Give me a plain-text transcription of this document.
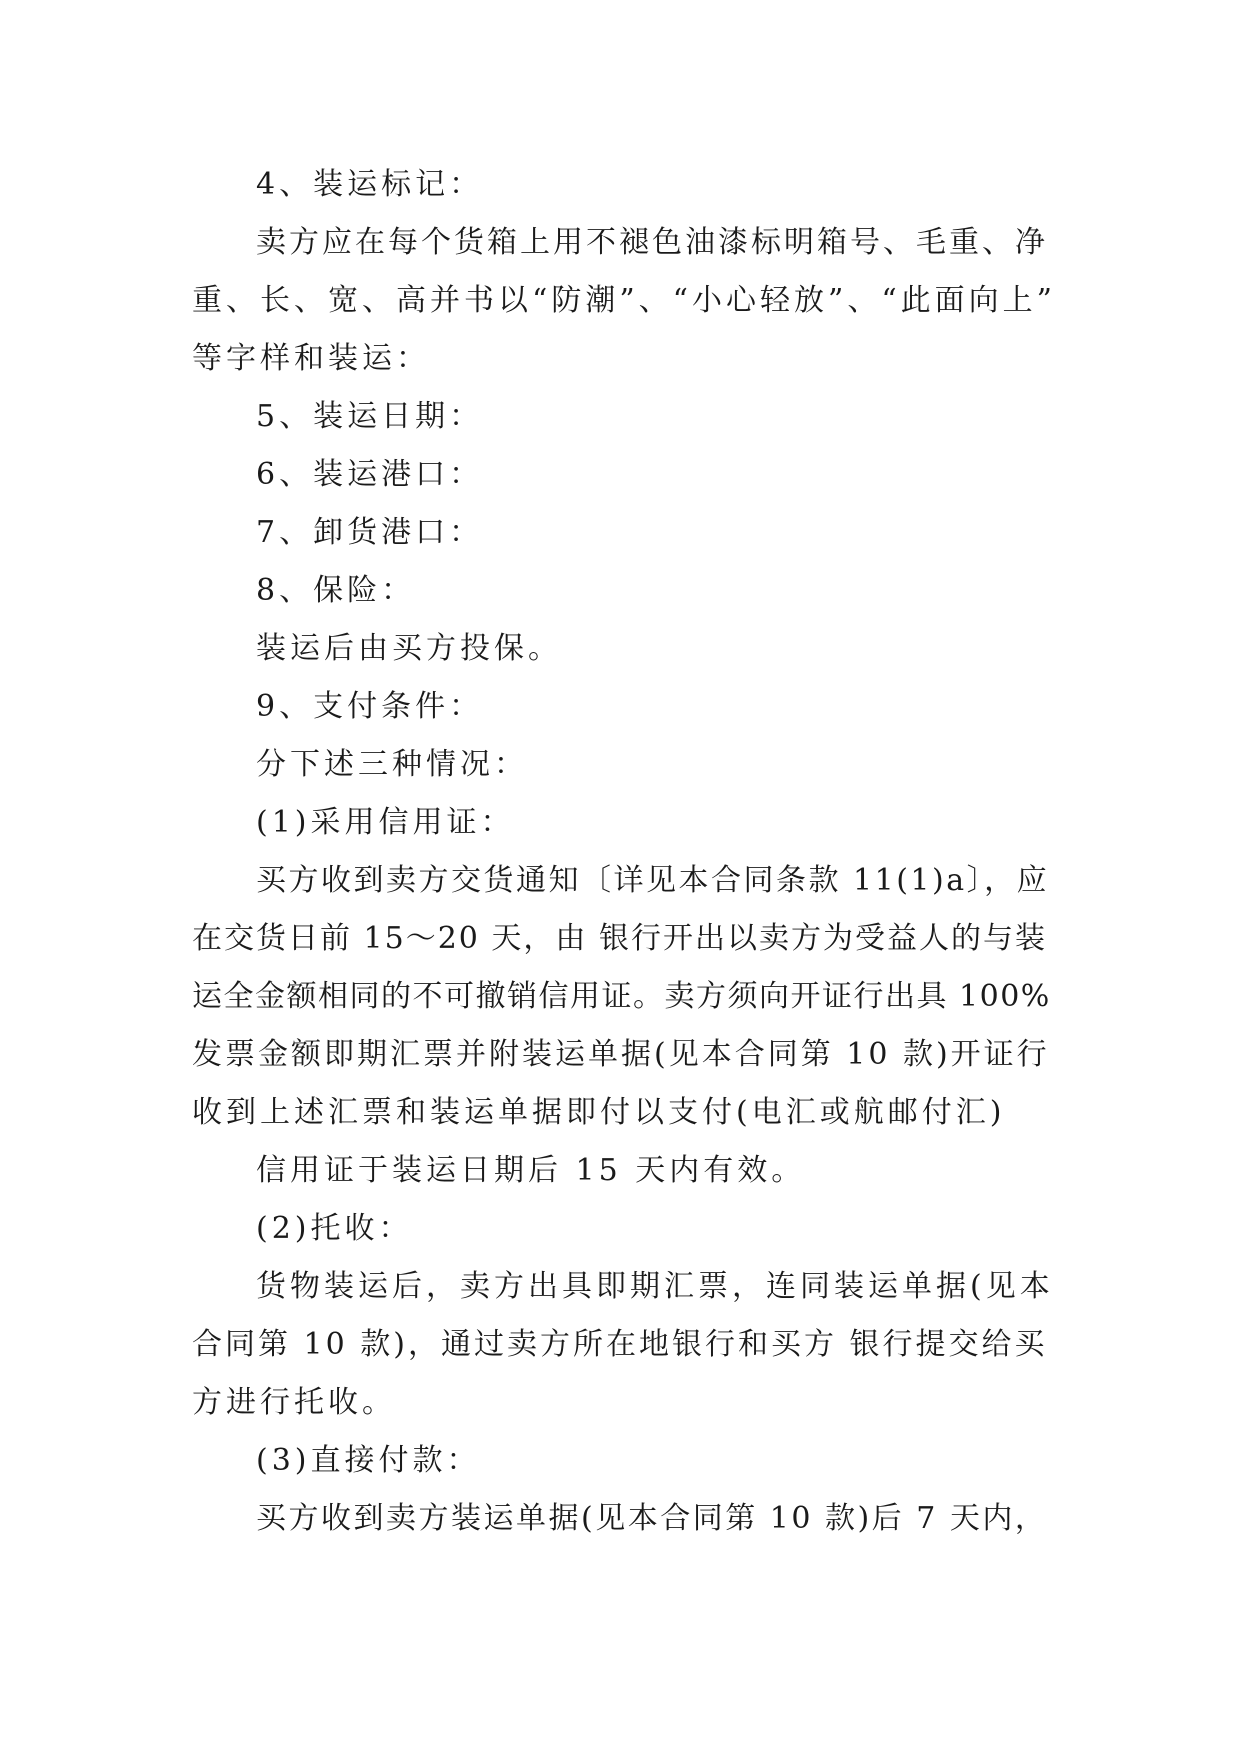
4、装运标记：

卖方应在每个货箱上用不褪色油漆标明箱号、毛重、净

重、长、宽、高并书以“防潮”、“小心轻放”、“此面向上”

等字样和装运：

5、装运日期：

6、装运港口：

7、卸货港口：

8、保险：

装运后由买方投保。

9、支付条件：

分下述三种情况：

(1)采用信用证：

买方收到卖方交货通知〔详见本合同条款 11(1)a〕，应

在交货日前 15～20 天，由 银行开出以卖方为受益人的与装

运全金额相同的不可撤销信用证。卖方须向开证行出具 100%

发票金额即期汇票并附装运单据(见本合同第 10 款)开证行

收到上述汇票和装运单据即付以支付(电汇或航邮付汇)

信用证于装运日期后 15 天内有效。

(2)托收：

货物装运后，卖方出具即期汇票，连同装运单据(见本

合同第 10 款)，通过卖方所在地银行和买方 银行提交给买

方进行托收。

(3)直接付款：

买方收到卖方装运单据(见本合同第 10 款)后 7 天内，
